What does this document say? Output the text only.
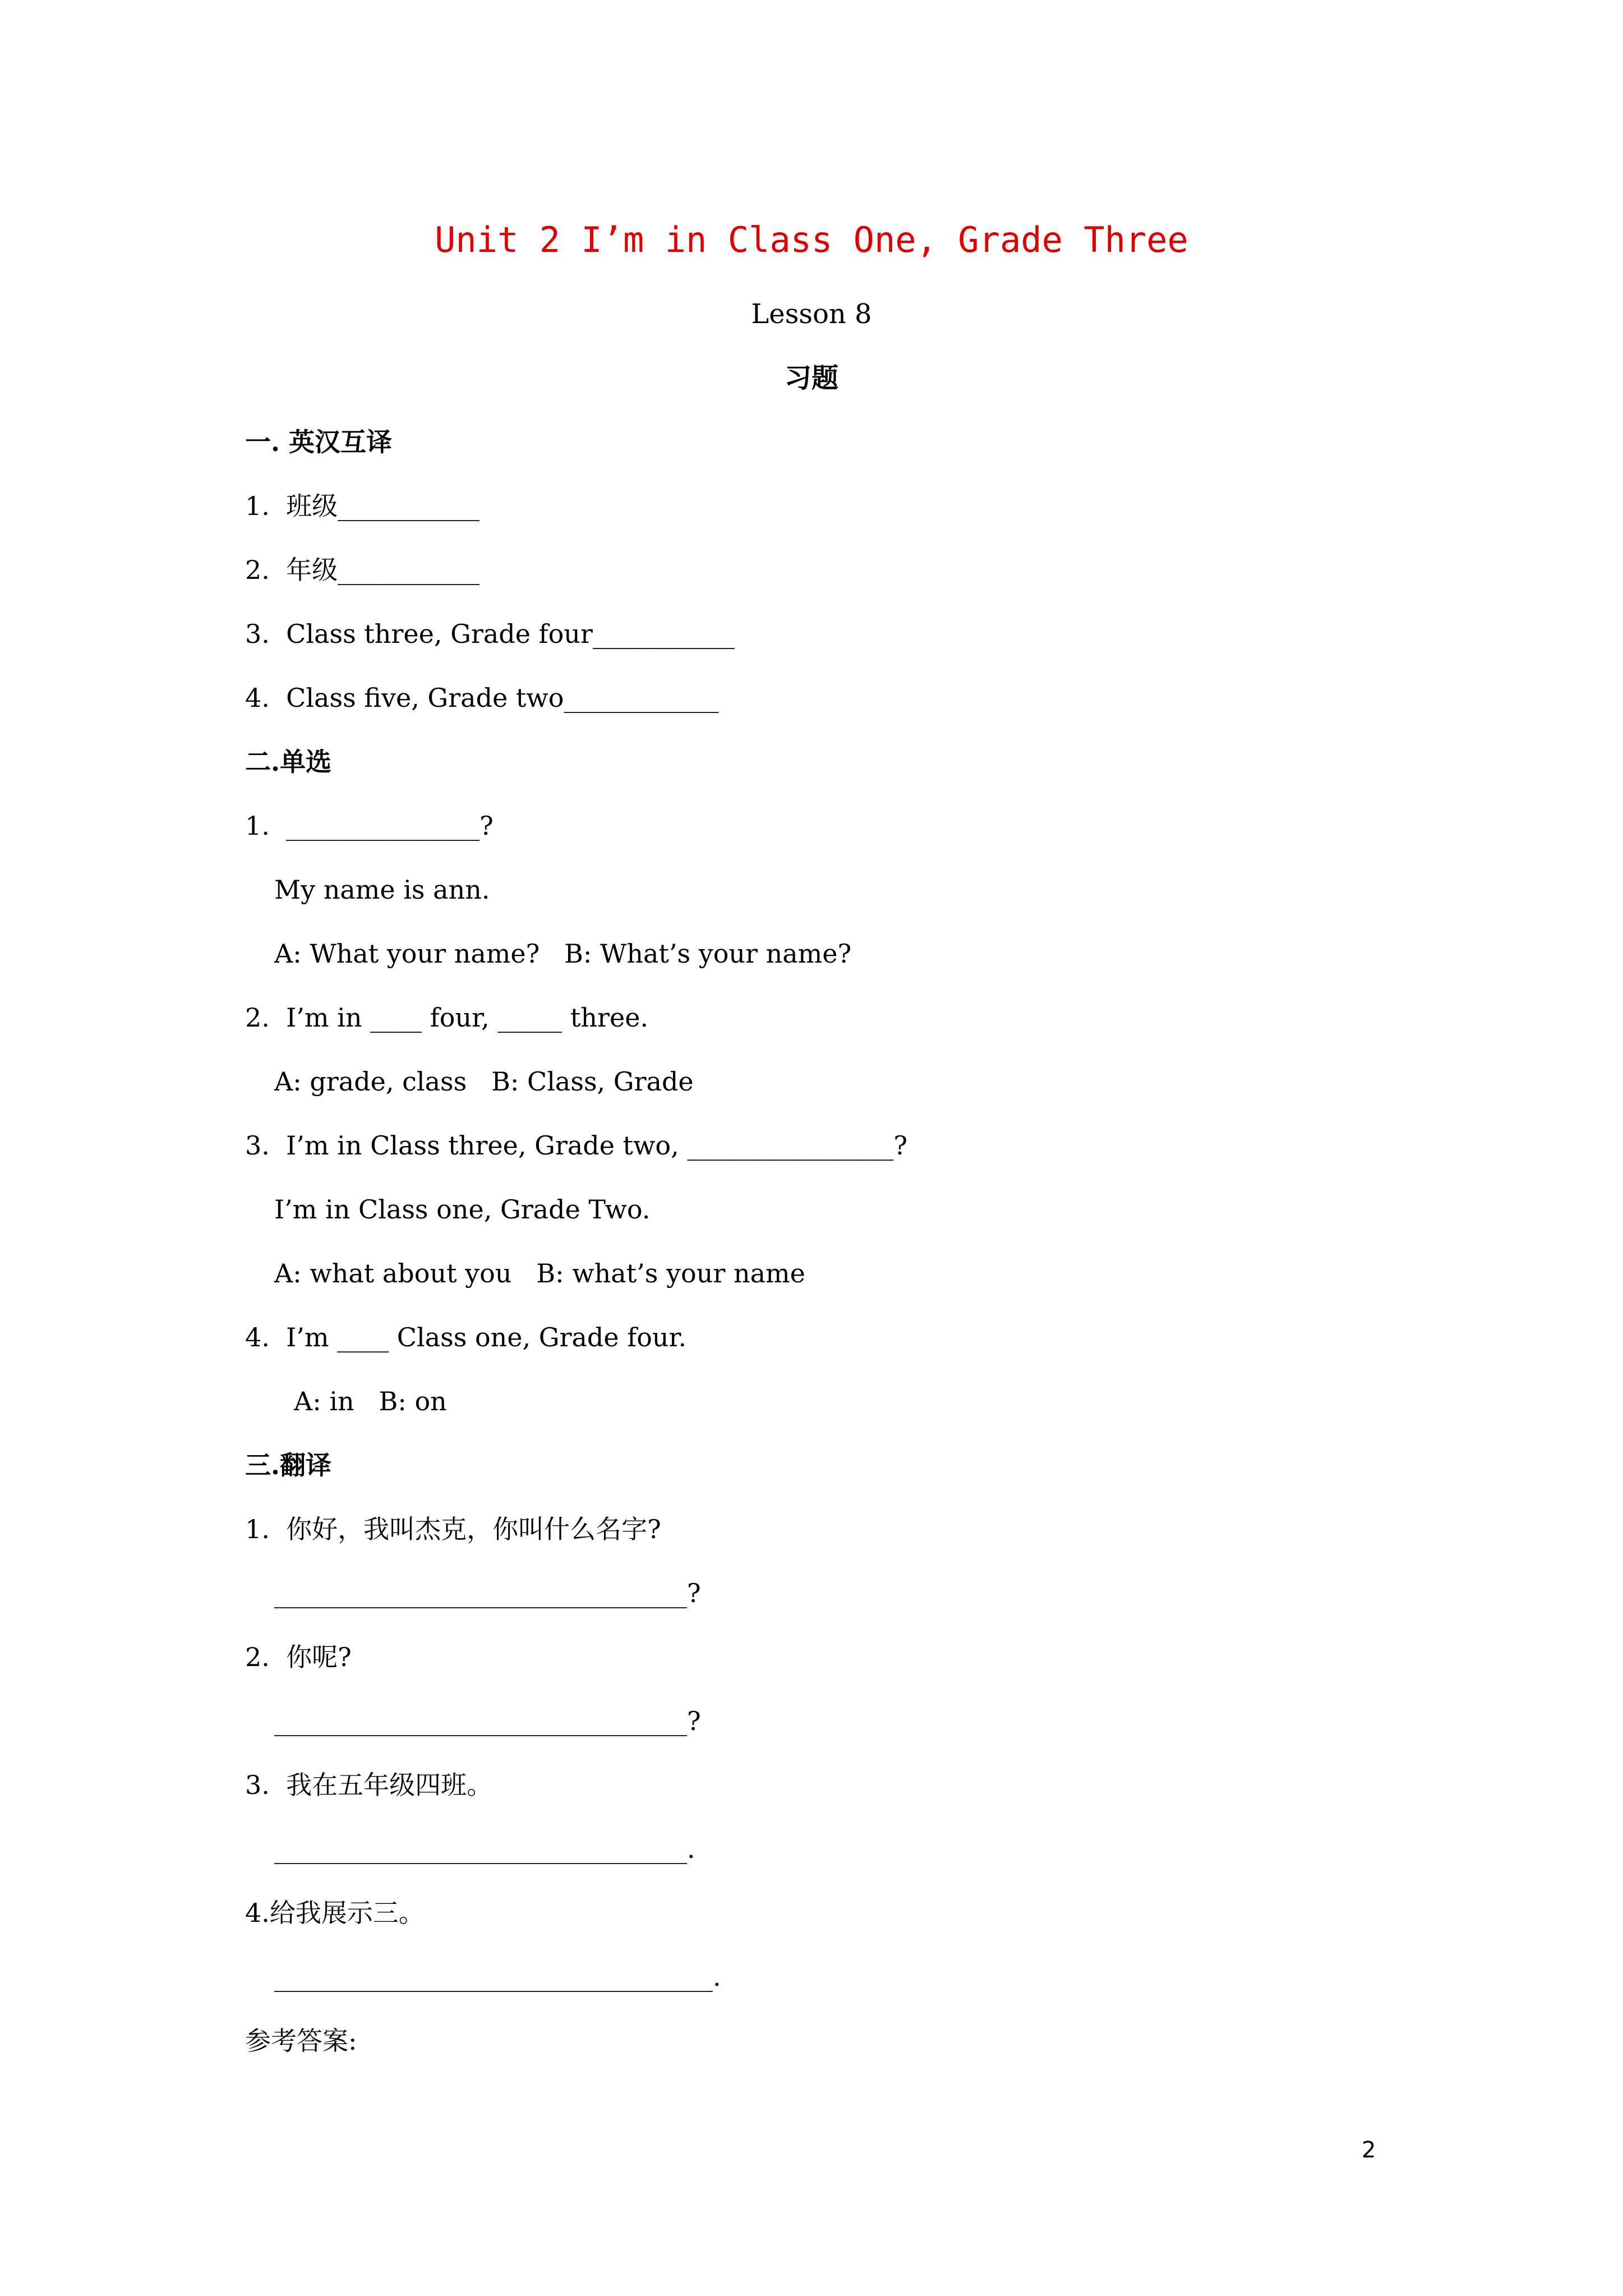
Unit 2 I’m in Class One, Grade Three
Lesson 8
习题
一. 英汉互译
1.  班级___________
2.  年级___________
3.  Class three, Grade four___________
4.  Class five, Grade two____________
二.单选
1.  _______________?
My name is ann.
A: What your name?   B: What’s your name?
2.  I’m in ____ four, _____ three.
A: grade, class   B: Class, Grade
3.  I’m in Class three, Grade two, ________________?
I’m in Class one, Grade Two.
A: what about you   B: what’s your name
4.  I’m ____ Class one, Grade four.
A: in   B: on
三.翻译
1.  你好，我叫杰克，你叫什么名字?
________________________________?
2.  你呢?
________________________________?
3.  我在五年级四班。
________________________________.
4.给我展示三。
__________________________________.
参考答案:
2
